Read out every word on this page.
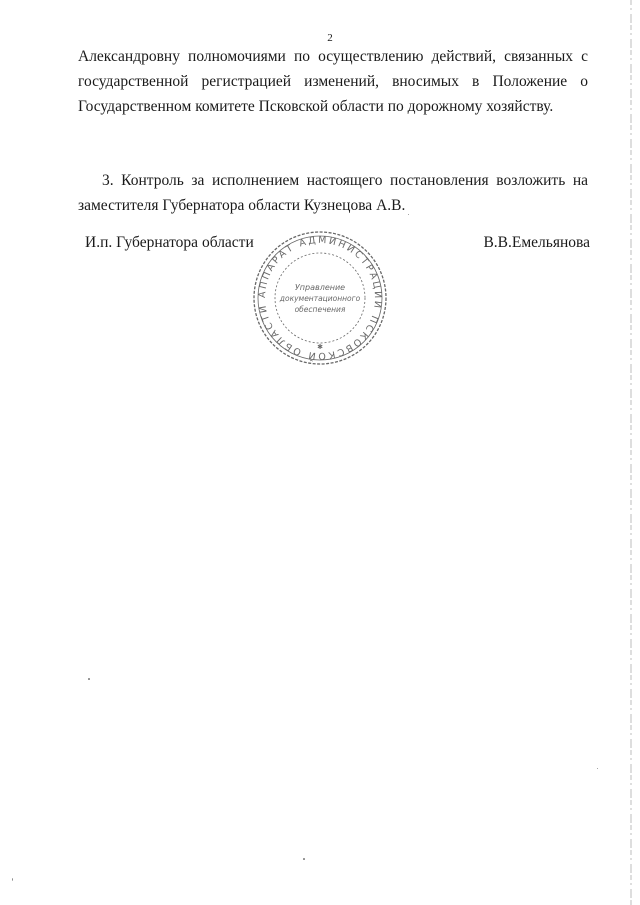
2

Александровну полномочиями по осуществлению действий, связанных с государственной регистрацией изменений, вносимых в Положение о Государственном комитете Псковской области по дорожному хозяйству.

3. Контроль за исполнением настоящего постановления возложить на заместителя Губернатора области Кузнецова А.В.

И.п. Губернатора области	В.В.Емельянова
АППАРАТ АДМИНИСТРАЦИИ ПСКОВСКОЙ ОБЛАСТИ
Управление
документационного
обеспечения
✱
